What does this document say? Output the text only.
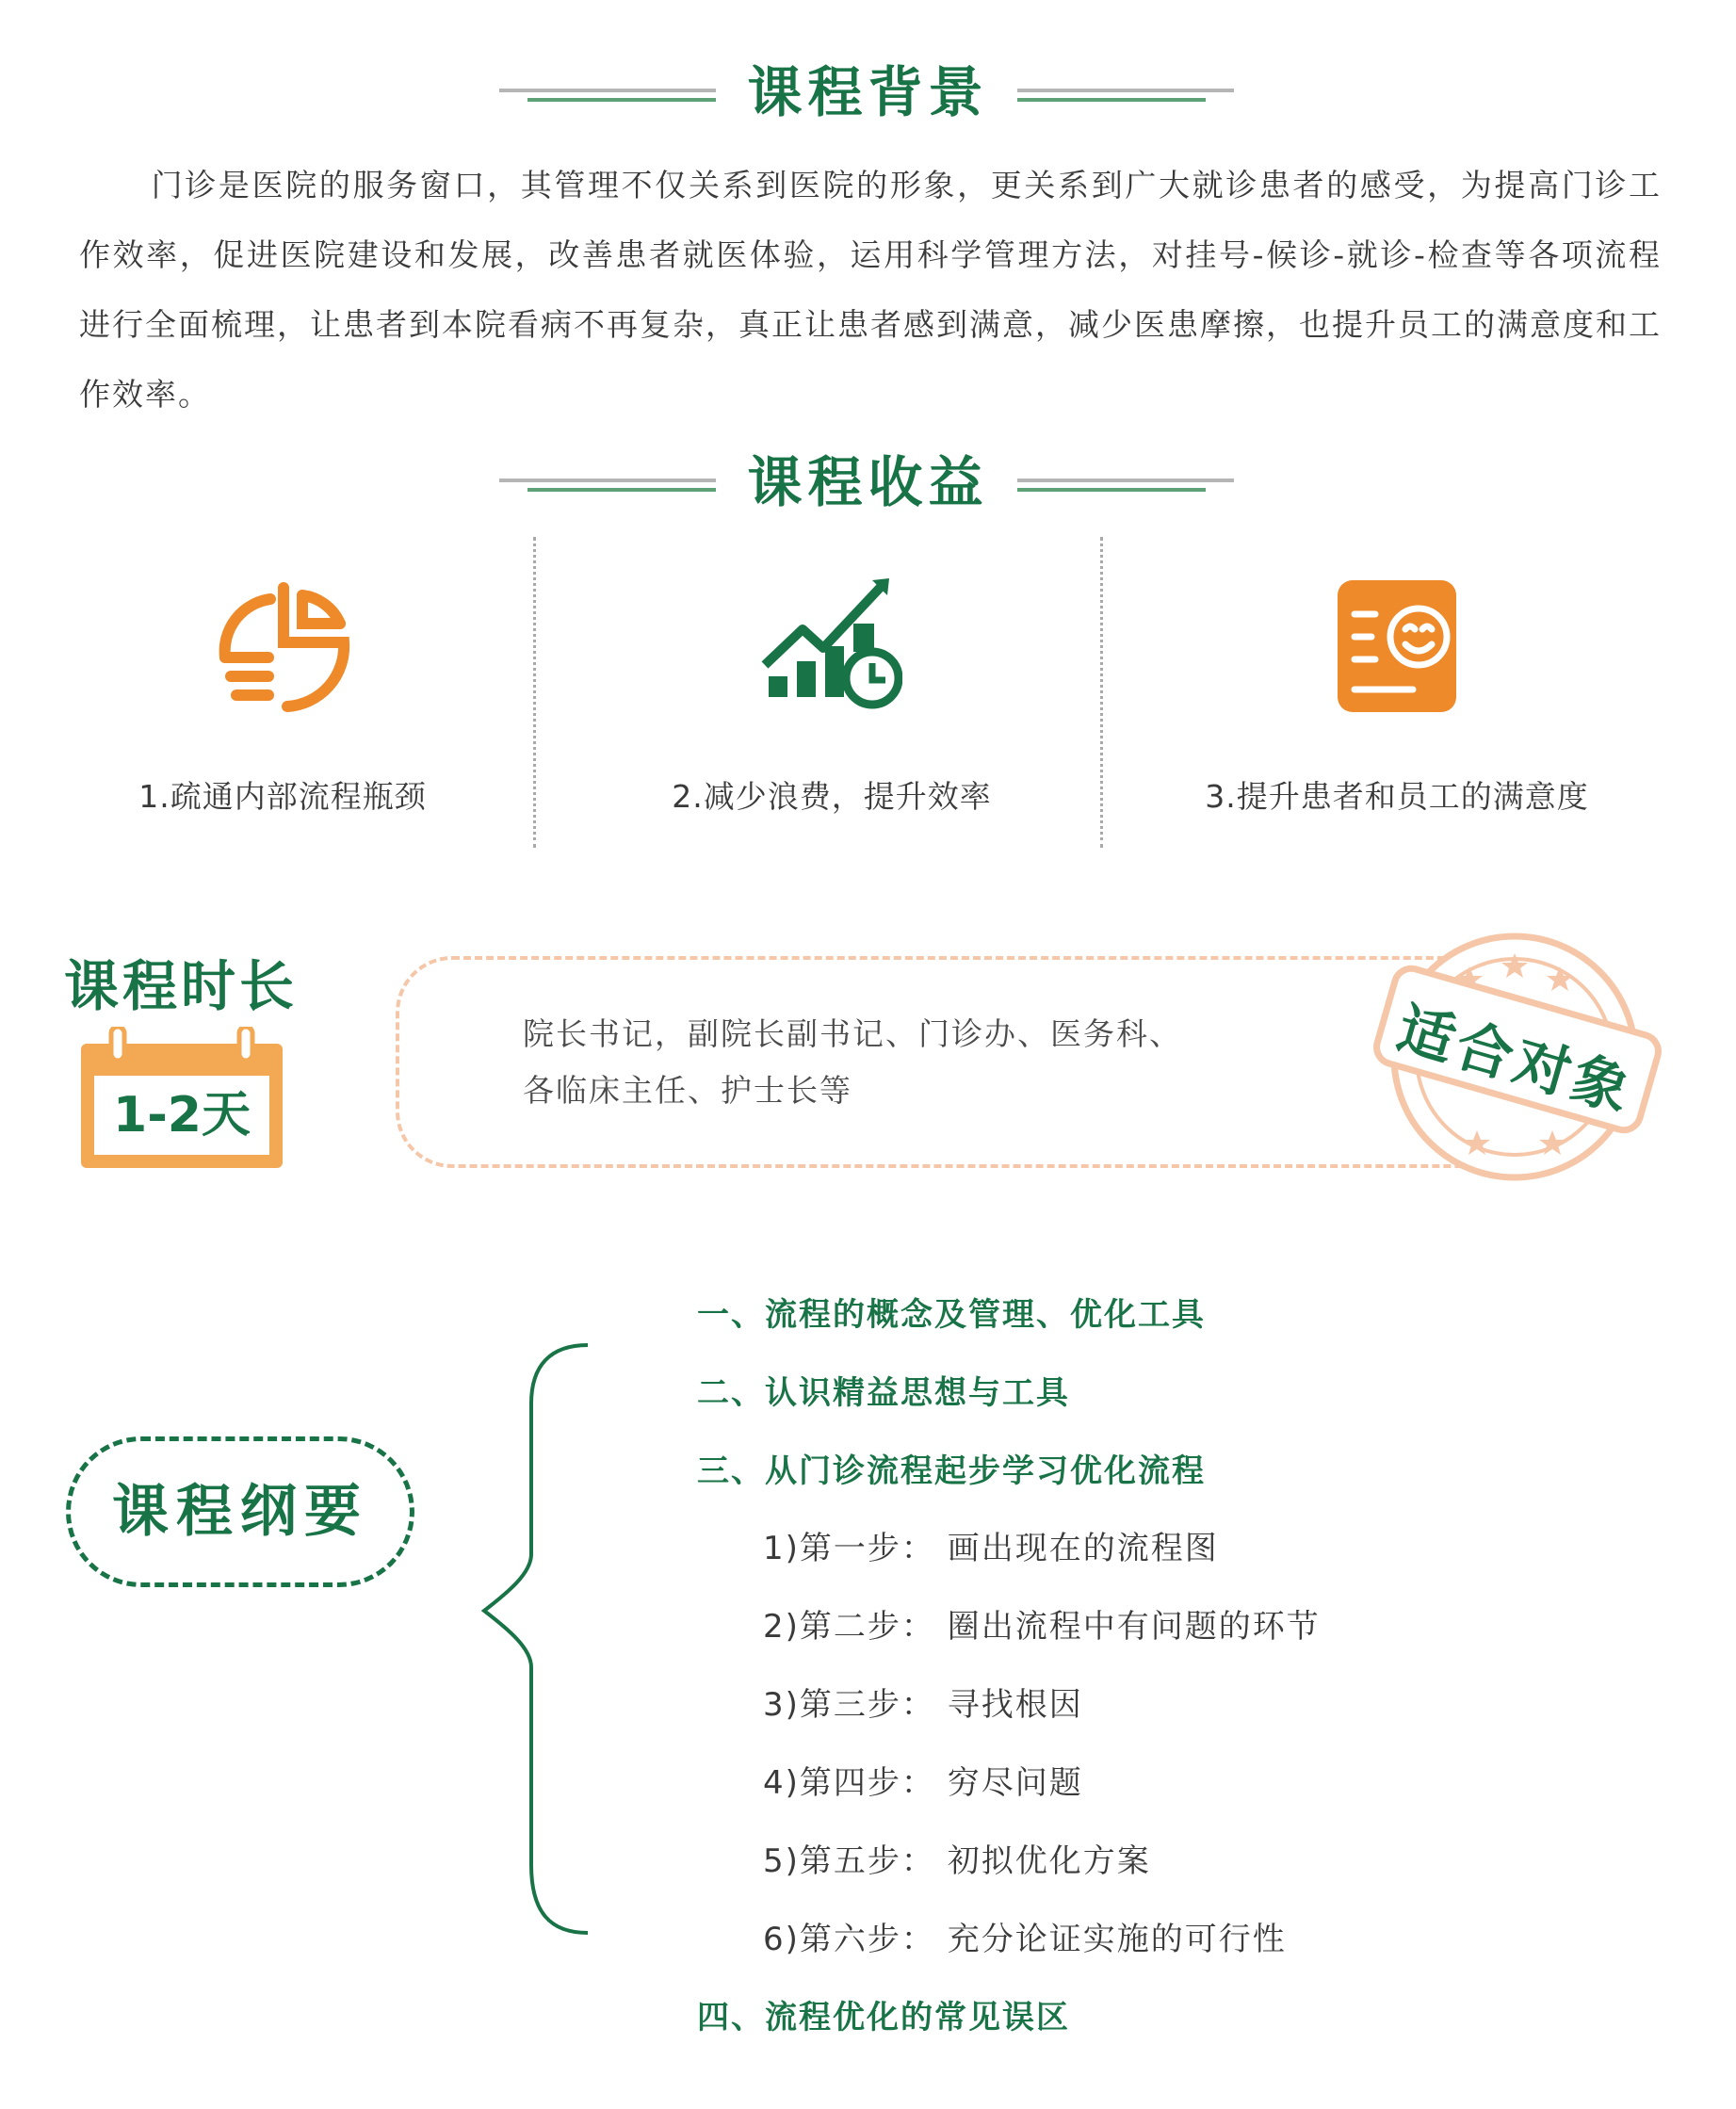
课程背景
门诊是医院的服务窗口，其管理不仅关系到医院的形象，更关系到广大就诊患者的感受，为提高门诊工作效率，促进医院建设和发展，改善患者就医体验，运用科学管理方法，对挂号-候诊-就诊-检查等各项流程进行全面梳理，让患者到本院看病不再复杂，真正让患者感到满意，减少医患摩擦，也提升员工的满意度和工作效率。
课程收益
1.疏通内部流程瓶颈	2.减少浪费，提升效率	3.提升患者和员工的满意度
课程时长
1-2天
院长书记，副院长副书记、门诊办、医务科、
各临床主任、护士长等	适合对象
课程纲要
一、流程的概念及管理、优化工具
二、认识精益思想与工具
三、从门诊流程起步学习优化流程
1)第一步： 画出现在的流程图
2)第二步： 圈出流程中有问题的环节
3)第三步： 寻找根因
4)第四步： 穷尽问题
5)第五步： 初拟优化方案
6)第六步： 充分论证实施的可行性
四、流程优化的常见误区
